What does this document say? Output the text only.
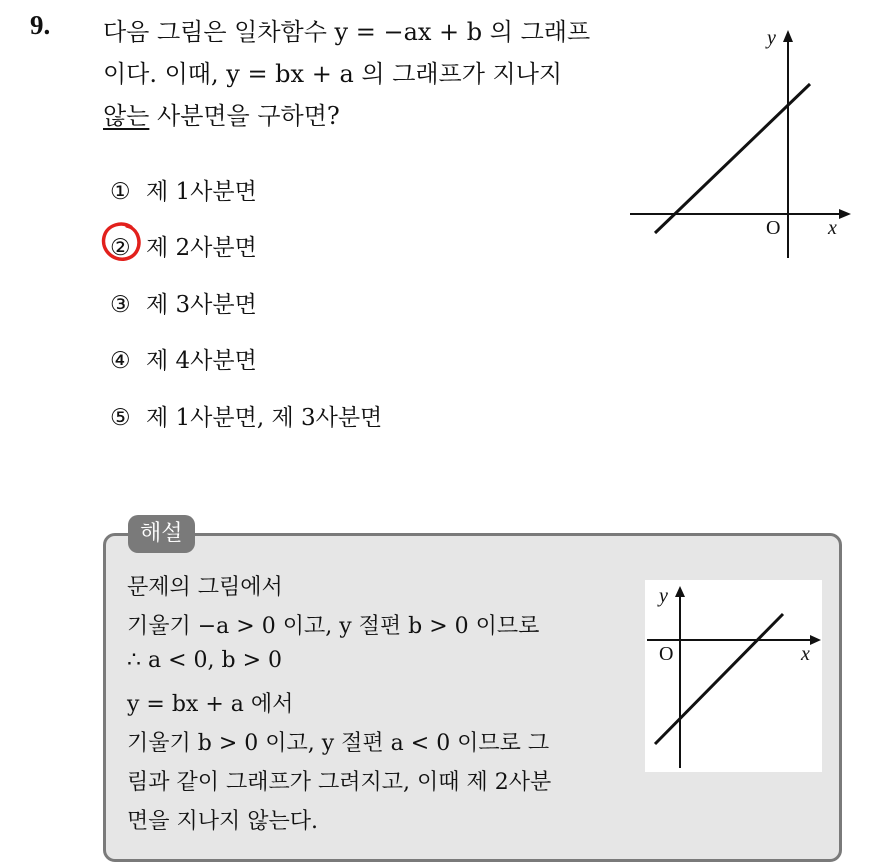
9. 다음 그림은 일차함수 y = −ax + b 의 그래프
이다. 이때, y = bx + a 의 그래프가 지나지
않는 사분면을 구하면?
① 제 1사분면
② 제 2사분면
③ 제 3사분면
④ 제 4사분면
⑤ 제 1사분면, 제 3사분면
y
x
O
해설
문제의 그림에서
기울기 −a > 0 이고, y 절편 b > 0 이므로
∴ a < 0, b > 0
y = bx + a 에서
기울기 b > 0 이고, y 절편 a < 0 이므로 그
림과 같이 그래프가 그려지고, 이때 제 2사분
면을 지나지 않는다.
y
x
O
